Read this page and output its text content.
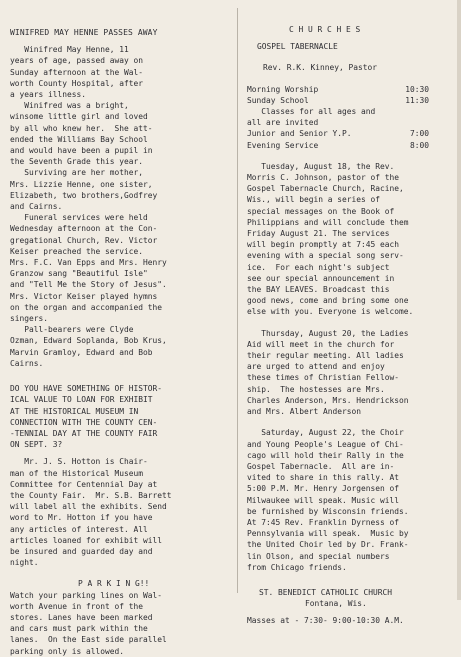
WINIFRED MAY HENNE PASSES AWAY
Winifred May Henne, 11
years of age, passed away on
Sunday afternoon at the Wal-
worth County Hospital, after
a years illness.
Winifred was a bright,
winsome little girl and loved
by all who knew her.  She att-
ended the Williams Bay School
and would have been a pupil in
the Seventh Grade this year.
Surviving are her mother,
Mrs. Lizzie Henne, one sister,
Elizabeth, two brothers,Godfrey
and Cairns.
Funeral services were held
Wednesday afternoon at the Con-
gregational Church, Rev. Victor
Keiser preached the service.
Mrs. F.C. Van Epps and Mrs. Henry
Granzow sang "Beautiful Isle"
and "Tell Me the Story of Jesus".
Mrs. Victor Keiser played hymns
on the organ and accompanied the
singers.
Pall-bearers were Clyde
Ozman, Edward Soplanda, Bob Krus,
Marvin Gramloy, Edward and Bob
Cairns.
DO YOU HAVE SOMETHING OF HISTOR-
ICAL VALUE TO LOAN FOR EXHIBIT
AT THE HISTORICAL MUSEUM IN
CONNECTION WITH THE COUNTY CEN-
-TENNIAL DAY AT THE COUNTY FAIR
ON SEPT. 3?
Mr. J. S. Hotton is Chair-
man of the Historical Museum
Committee for Centennial Day at
the County Fair.  Mr. S.B. Barrett
will label all the exhibits. Send
word to Mr. Hotton if you have
any articles of interest. All
articles loaned for exhibit will
be insured and guarded day and
night.
P A R K I N G!!
Watch your parking lines on Wal-
worth Avenue in front of the
stores. Lanes have been marked
and cars must park within the
lanes.  On the East side parallel
parking only is allowed.
C H U R C H E S
GOSPEL TABERNACLE
Rev. R.K. Kinney, Pastor
Morning Worship	10:30
Sunday School	11:30
Classes for all ages and
all are invited
Junior and Senior Y.P.	7:00
Evening Service	8:00
Tuesday, August 18, the Rev.
Morris C. Johnson, pastor of the
Gospel Tabernacle Church, Racine,
Wis., will begin a series of
special messages on the Book of
Philippians and will conclude them
Friday August 21. The services
will begin promptly at 7:45 each
evening with a special song serv-
ice.  For each night's subject
see our special announcement in
the BAY LEAVES. Broadcast this
good news, come and bring some one
else with you. Everyone is welcome.
Thursday, August 20, the Ladies
Aid will meet in the church for
their regular meeting. All ladies
are urged to attend and enjoy
these times of Christian Fellow-
ship.  The hostesses are Mrs.
Charles Anderson, Mrs. Hendrickson
and Mrs. Albert Anderson
Saturday, August 22, the Choir
and Young People's League of Chi-
cago will hold their Rally in the
Gospel Tabernacle.  All are in-
vited to share in this rally. At
5:00 P.M. Mr. Henry Jorgensen of
Milwaukee will speak. Music will
be furnished by Wisconsin friends.
At 7:45 Rev. Franklin Dyrness of
Pennsylvania will speak.  Music by
the United Choir led by Dr. Frank-
lin Olson, and special numbers
from Chicago friends.
ST. BENEDICT CATHOLIC CHURCH
Fontana, Wis.
Masses at - 7:30- 9:00-10:30 A.M.
